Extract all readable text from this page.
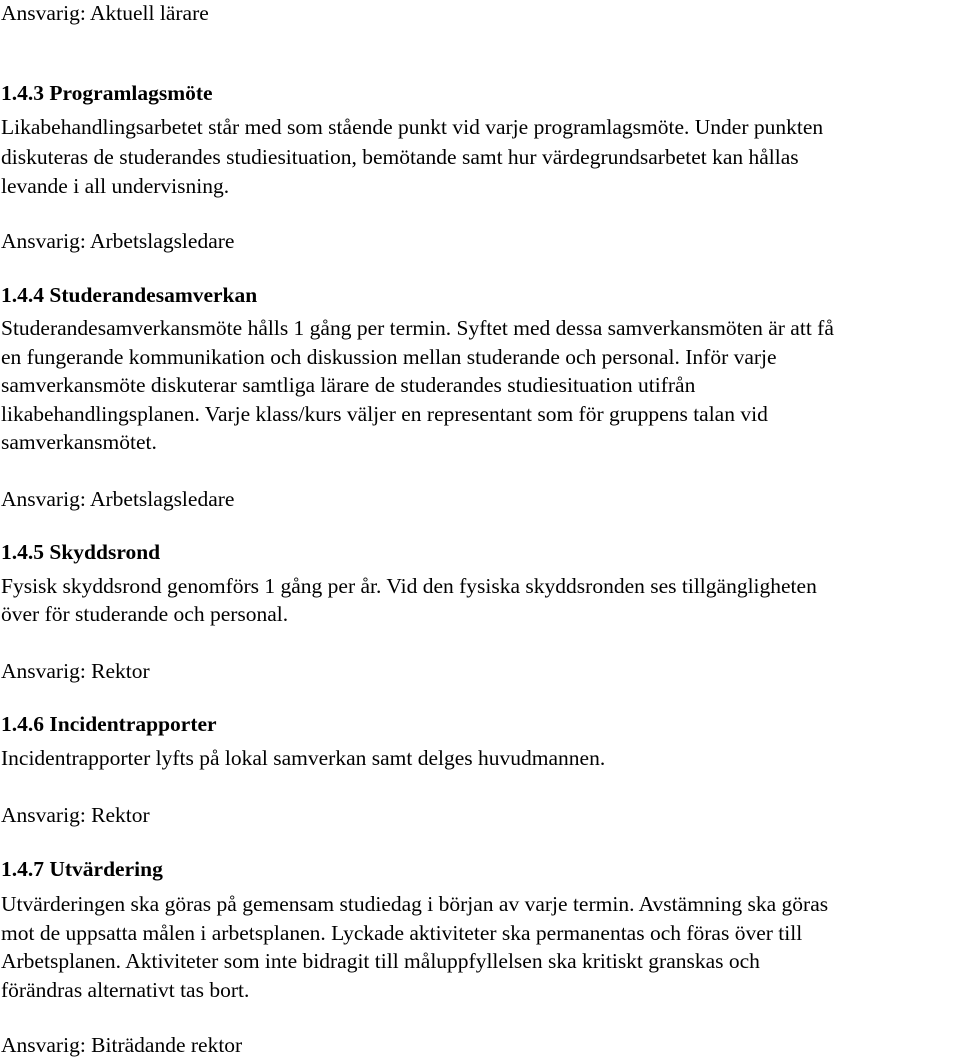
Ansvarig: Aktuell lärare

1.4.3 Programlagsmöte

Likabehandlingsarbetet står med som stående punkt vid varje programlagsmöte. Under punkten

diskuteras de studerandes studiesituation, bemötande samt hur värdegrundsarbetet kan hållas

levande i all undervisning.

Ansvarig: Arbetslagsledare

1.4.4 Studerandesamverkan

Studerandesamverkansmöte hålls 1 gång per termin. Syftet med dessa samverkansmöten är att få

en fungerande kommunikation och diskussion mellan studerande och personal. Inför varje

samverkansmöte diskuterar samtliga lärare de studerandes studiesituation utifrån

likabehandlingsplanen. Varje klass/kurs väljer en representant som för gruppens talan vid

samverkansmötet.

Ansvarig: Arbetslagsledare

1.4.5 Skyddsrond

Fysisk skyddsrond genomförs 1 gång per år. Vid den fysiska skyddsronden ses tillgängligheten

över för studerande och personal.

Ansvarig: Rektor

1.4.6 Incidentrapporter

Incidentrapporter lyfts på lokal samverkan samt delges huvudmannen.

Ansvarig: Rektor

1.4.7 Utvärdering

Utvärderingen ska göras på gemensam studiedag i början av varje termin. Avstämning ska göras

mot de uppsatta målen i arbetsplanen. Lyckade aktiviteter ska permanentas och föras över till

Arbetsplanen. Aktiviteter som inte bidragit till måluppfyllelsen ska kritiskt granskas och

förändras alternativt tas bort.

Ansvarig: Biträdande rektor
